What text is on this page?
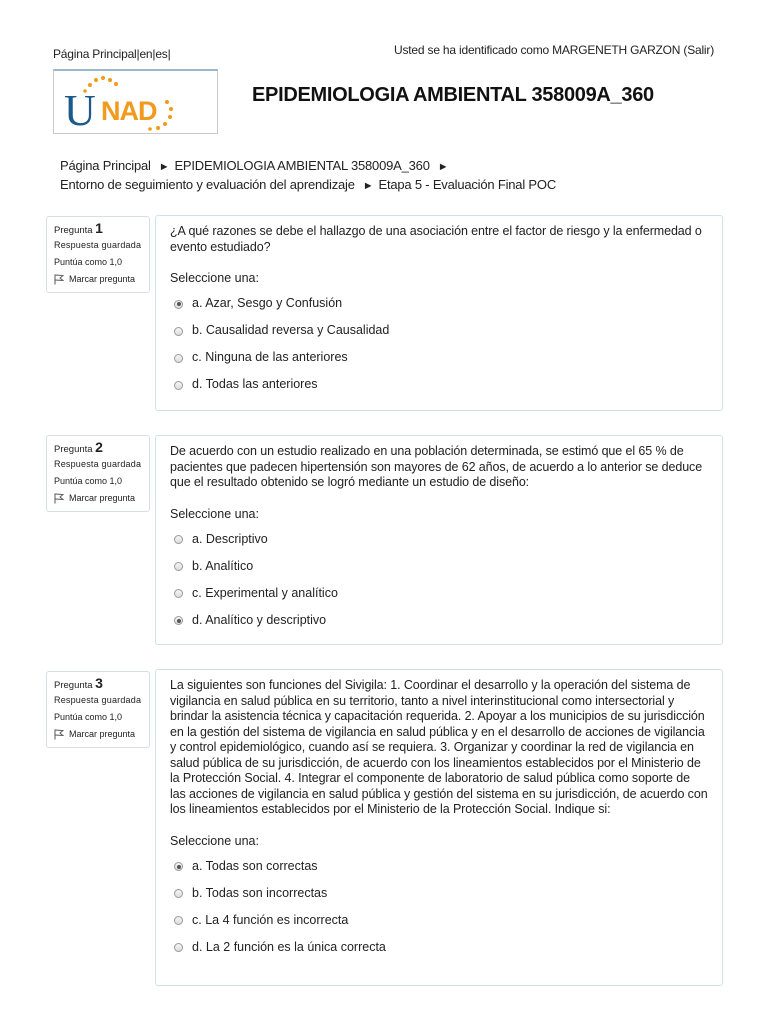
Página Principal|en|es|	Usted se ha identificado como MARGENETH GARZON (Salir)
U NAD
EPIDEMIOLOGIA AMBIENTAL 358009A_360
Página Principal ► EPIDEMIOLOGIA AMBIENTAL 358009A_360 ►
Entorno de seguimiento y evaluación del aprendizaje ► Etapa 5 - Evaluación Final POC
Pregunta 1
Respuesta guardada
Puntúa como 1,0
Marcar pregunta
¿A qué razones se debe el hallazgo de una asociación entre el factor de riesgo y la enfermedad o evento estudiado?
Seleccione una:
a. Azar, Sesgo y Confusión
b. Causalidad reversa y Causalidad
c. Ninguna de las anteriores
d. Todas las anteriores
Pregunta 2
Respuesta guardada
Puntúa como 1,0
Marcar pregunta
De acuerdo con un estudio realizado en una población determinada, se estimó que el 65 % de pacientes que padecen hipertensión son mayores de 62 años, de acuerdo a lo anterior se deduce que el resultado obtenido se logró mediante un estudio de diseño:
Seleccione una:
a. Descriptivo
b. Analítico
c. Experimental y analítico
d. Analítico y descriptivo
Pregunta 3
Respuesta guardada
Puntúa como 1,0
Marcar pregunta
La siguientes son funciones del Sivigila: 1. Coordinar el desarrollo y la operación del sistema de vigilancia en salud pública en su territorio, tanto a nivel interinstitucional como intersectorial y brindar la asistencia técnica y capacitación requerida. 2. Apoyar a los municipios de su jurisdicción en la gestión del sistema de vigilancia en salud pública y en el desarrollo de acciones de vigilancia y control epidemiológico, cuando así se requiera. 3. Organizar y coordinar la red de vigilancia en salud pública de su jurisdicción, de acuerdo con los lineamientos establecidos por el Ministerio de la Protección Social. 4. Integrar el componente de laboratorio de salud pública como soporte de las acciones de vigilancia en salud pública y gestión del sistema en su jurisdicción, de acuerdo con los lineamientos establecidos por el Ministerio de la Protección Social. Indique si:
Seleccione una:
a. Todas son correctas
b. Todas son incorrectas
c. La 4 función es incorrecta
d. La 2 función es la única correcta
